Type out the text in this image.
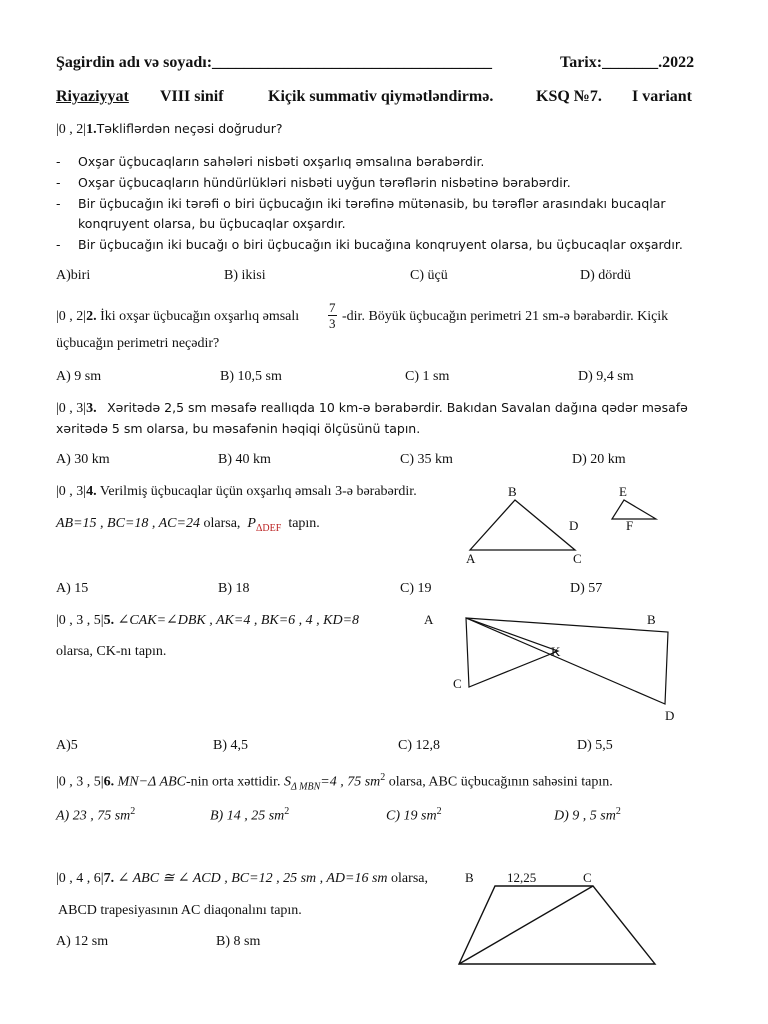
Şagirdin adı və soyadı:___________________________________	Tarix:_______.2022
Riyaziyyat VIII sinif	Kiçik summativ qiymətləndirmə.	KSQ №7. I variant
|0 , 2|1.Təkliflərdən neçəsi doğrudur?
- Oxşar üçbucaqların sahələri nisbəti oxşarlıq əmsalına bərabərdir.
- Oxşar üçbucaqların hündürlükləri nisbəti uyğun tərəflərin nisbətinə bərabərdir.
- Bir üçbucağın iki tərəfi o biri üçbucağın iki tərəfinə mütənasib, bu tərəflər arasındakı bucaqlar
konqruyent olarsa, bu üçbucaqlar oxşardır.
- Bir üçbucağın iki bucağı o biri üçbucağın iki bucağına konqruyent olarsa, bu üçbucaqlar oxşardır.
A)biri	B) ikisi	C) üçü	D) dördü
|0 , 2|2. İki oxşar üçbucağın oxşarlıq əmsalı $\frac{7}{3} -dir$. Böyük üçbucağın perimetri 21 sm-ə bərabərdir. Kiçik
üçbucağın perimetri neçədir?
A) 9 sm	B) 10,5 sm	C) 1 sm	D) 9,4 sm
|0 , 3|3. Xəritədə 2,5 sm məsafə reallıqda 10 km-ə bərabərdir. Bakıdan Savalan dağına qədər məsafə
xəritədə 5 sm olarsa, bu məsafənin həqiqi ölçüsünü tapın.
A) 30 km	B) 40 km	C) 35 km	D) 20 km
|0 , 3|4. Verilmiş üçbucaqlar üçün oxşarlıq əmsalı 3-ə bərabərdir.
AB=15 , BC=18 , AC=24 olarsa, $P_{\Delta DEF}$ tapın.
B	E
D	F
A	C
A) 15	B) 18	C) 19	D) 57
|0 , 3 , 5|5. ∠CAK=∠DBK , AK=4 , BK=6 , 4 , KD=8
olarsa, CK-nı tapın.
A	B
K
C
D
A)5	B) 4,5	C) 12,8	D) 5,5
|0 , 3 , 5|6. MN−Δ ABC-nin orta xəttidir. $S_{\Delta MBN}=4$ , 75 $sm^2$ olarsa, ABC üçbucağının sahəsini tapın.
A) 23 , 75 $sm^2$	B) 14 , 25 $sm^2$	C) 19 $sm^2$	D) 9 , 5 $sm^2$
|0 , 4 , 6|7. ∠ ABC ≅ ∠ ACD , BC=12 , 25 sm , AD=16 sm olarsa,
ABCD trapesiyasının AC diaqonalını tapın.
B	12,25	C
A) 12 sm	B) 8 sm
